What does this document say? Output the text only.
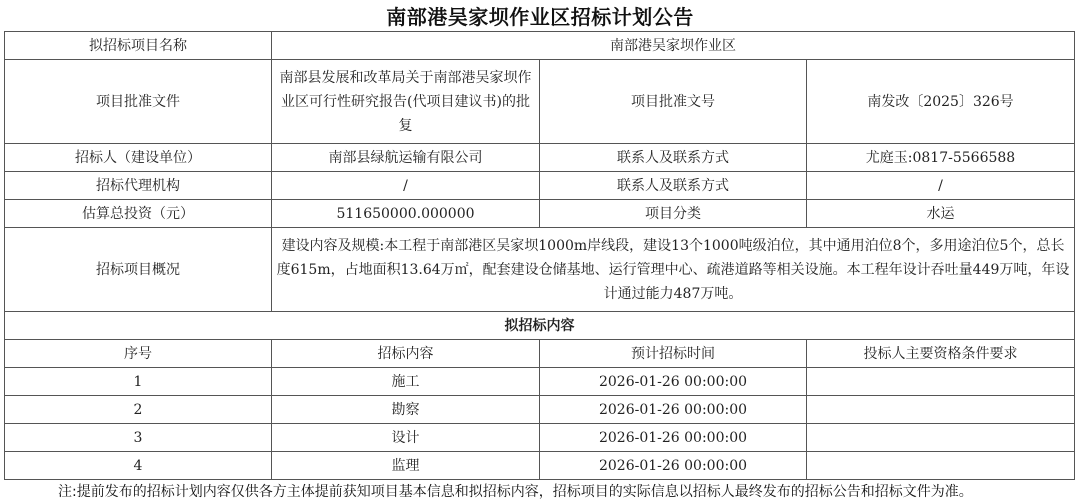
南部港吴家坝作业区招标计划公告
拟招标项目名称	南部港吴家坝作业区		
项目批准文件	南部县发展和改革局关于南部港吴家坝作业区可行性研究报告(代项目建议书)的批复	项目批准文号	南发改〔2025〕326号
招标人（建设单位）	南部县绿航运输有限公司	联系人及联系方式	尤庭玉:0817-5566588
招标代理机构	/	联系人及联系方式	/
估算总投资（元）	511650000.000000	项目分类	水运
招标项目概况	建设内容及规模:本工程于南部港区吴家坝1000m岸线段，建设13个1000吨级泊位，其中通用泊位8个，多用途泊位5个，总长度615m，占地面积13.64万㎡，配套建设仓储基地、运行管理中心、疏港道路等相关设施。本工程年设计吞吐量449万吨，年设计通过能力487万吨。		
拟招标内容			
序号	招标内容	预计招标时间	投标人主要资格条件要求
1	施工	2026-01-26 00:00:00	
2	勘察	2026-01-26 00:00:00	
3	设计	2026-01-26 00:00:00	
4	监理	2026-01-26 00:00:00	
注:提前发布的招标计划内容仅供各方主体提前获知项目基本信息和拟招标内容，招标项目的实际信息以招标人最终发布的招标公告和招标文件为准。
